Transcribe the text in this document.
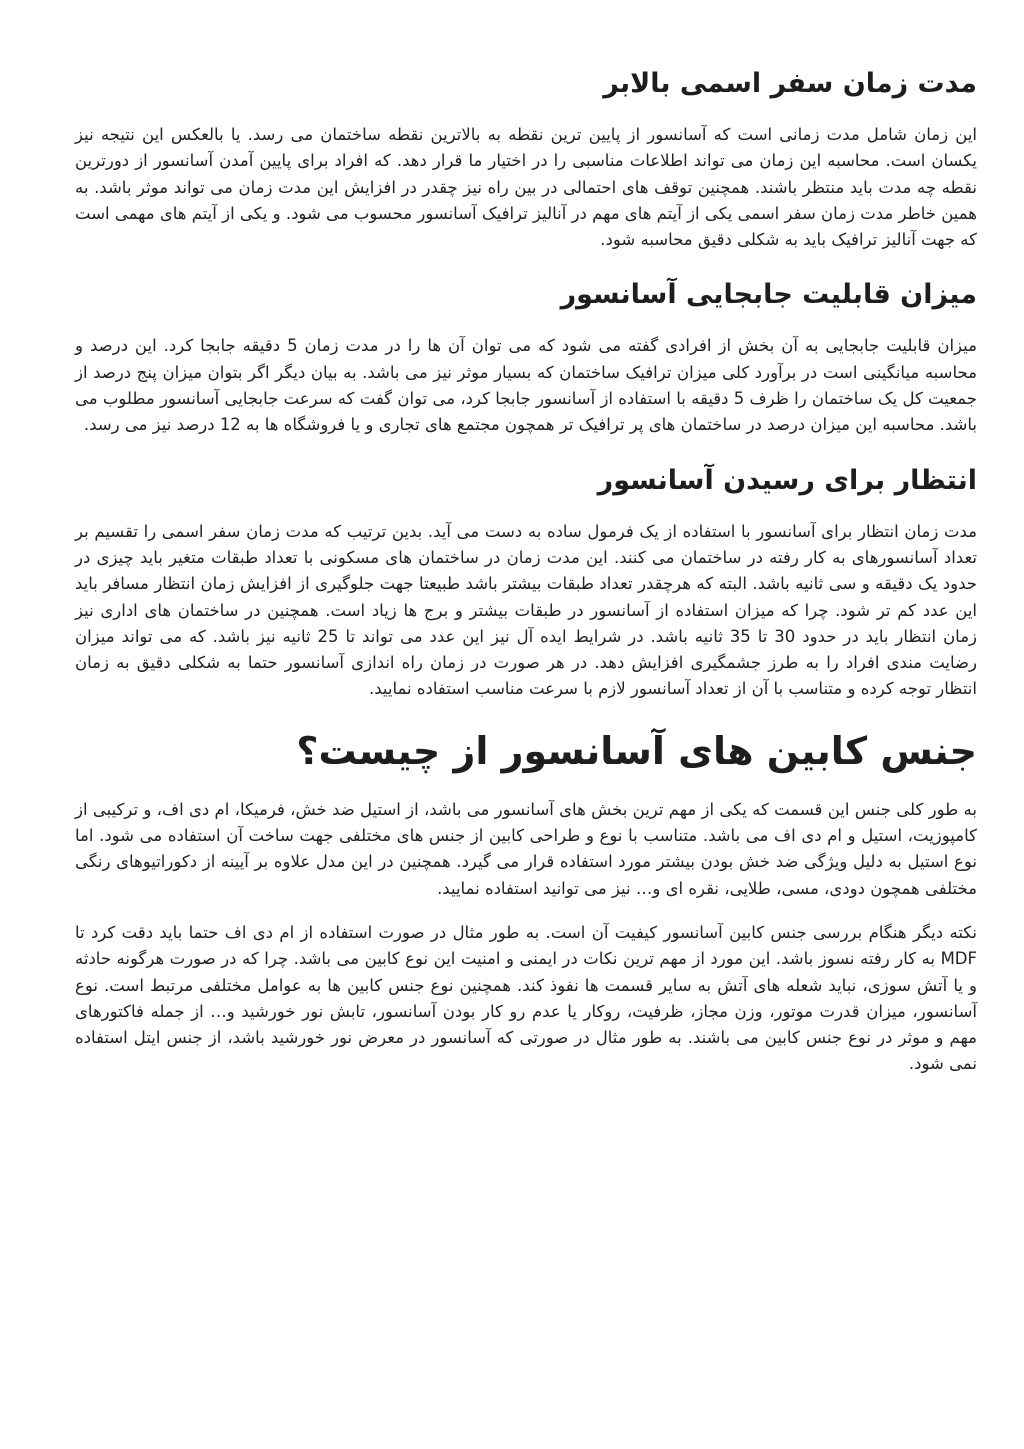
مدت زمان سفر اسمی بالابر

این زمان شامل مدت زمانی است که آسانسور از پایین ترین نقطه به بالاترین نقطه ساختمان می رسد. یا بالعکس این نتیجه نیز یکسان است. محاسبه این زمان می تواند اطلاعات مناسبی را در اختیار ما قرار دهد. که افراد برای پایین آمدن آسانسور از دورترین نقطه چه مدت باید منتظر باشند. همچنین توقف های احتمالی در بین راه نیز چقدر در افزایش این مدت زمان می تواند موثر باشد. به همین خاطر مدت زمان سفر اسمی یکی از آیتم های مهم در آنالیز ترافیک آسانسور محسوب می شود. و یکی از آیتم های مهمی است که جهت آنالیز ترافیک باید به شکلی دقیق محاسبه شود.

میزان قابلیت جابجایی آسانسور

میزان قابلیت جابجایی به آن بخش از افرادی گفته می شود که می توان آن ها را در مدت زمان 5 دقیقه جابجا کرد. این درصد و محاسبه میانگینی است در برآورد کلی میزان ترافیک ساختمان که بسیار موثر نیز می باشد. به بیان دیگر اگر بتوان میزان پنج درصد از جمعیت کل یک ساختمان را ظرف 5 دقیقه با استفاده از آسانسور جابجا کرد، می توان گفت که سرعت جابجایی آسانسور مطلوب می باشد. محاسبه این میزان درصد در ساختمان های پر ترافیک تر همچون مجتمع های تجاری و یا فروشگاه ها به 12 درصد نیز می رسد.

انتظار برای رسیدن آسانسور

مدت زمان انتظار برای آسانسور با استفاده از یک فرمول ساده به دست می آید. بدین ترتیب که مدت زمان سفر اسمی را تقسیم بر تعداد آسانسورهای به کار رفته در ساختمان می کنند. این مدت زمان در ساختمان های مسکونی با تعداد طبقات متغیر باید چیزی در حدود یک دقیقه و سی ثانیه باشد. البته که هرچقدر تعداد طبقات بیشتر باشد طبیعتا جهت جلوگیری از افزایش زمان انتظار مسافر باید این عدد کم تر شود. چرا که میزان استفاده از آسانسور در طبقات بیشتر و برج ها زیاد است. همچنین در ساختمان های اداری نیز زمان انتظار باید در حدود 30 تا 35 ثانیه باشد. در شرایط ایده آل نیز این عدد می تواند تا 25 ثانیه نیز باشد. که می تواند میزان رضایت مندی افراد را به طرز جشمگیری افزایش دهد. در هر صورت در زمان راه اندازی آسانسور حتما به شکلی دقیق به زمان انتظار توجه کرده و متناسب با آن از تعداد آسانسور لازم با سرعت مناسب استفاده نمایید.

جنس کابین های آسانسور از چیست؟

به طور کلی جنس این قسمت که یکی از مهم ترین بخش های آسانسور می باشد، از استیل ضد خش، فرمیکا، ام دی اف، و ترکیبی از کامپوزیت، استیل و ام دی اف می باشد. متناسب با نوع و طراحی کابین از جنس های مختلفی جهت ساخت آن استفاده می شود. اما نوع استیل به دلیل ویژگی ضد خش بودن بیشتر مورد استفاده قرار می گیرد. همچنین در این مدل علاوه بر آیینه از دکوراتیوهای رنگی مختلفی همچون دودی، مسی، طلایی، نقره ای و… نیز می توانید استفاده نمایید.

نکته دیگر هنگام بررسی جنس کابین آسانسور کیفیت آن است. به طور مثال در صورت استفاده از ام دی اف حتما باید دقت کرد تا MDF به کار رفته نسوز باشد. این مورد از مهم ترین نکات در ایمنی و امنیت این نوع کابین می باشد. چرا که در صورت هرگونه حادثه و یا آتش سوزی، نباید شعله های آتش به سایر قسمت ها نفوذ کند. همچنین نوع جنس کابین ها به عوامل مختلفی مرتبط است. نوع آسانسور، میزان قدرت موتور، وزن مجاز، ظرفیت، روکار یا عدم رو کار بودن آسانسور، تابش نور خورشید و… از جمله فاکتورهای مهم و موثر در نوع جنس کابین می باشند. به طور مثال در صورتی که آسانسور در معرض نور خورشید باشد، از جنس ایتل استفاده نمی شود.
